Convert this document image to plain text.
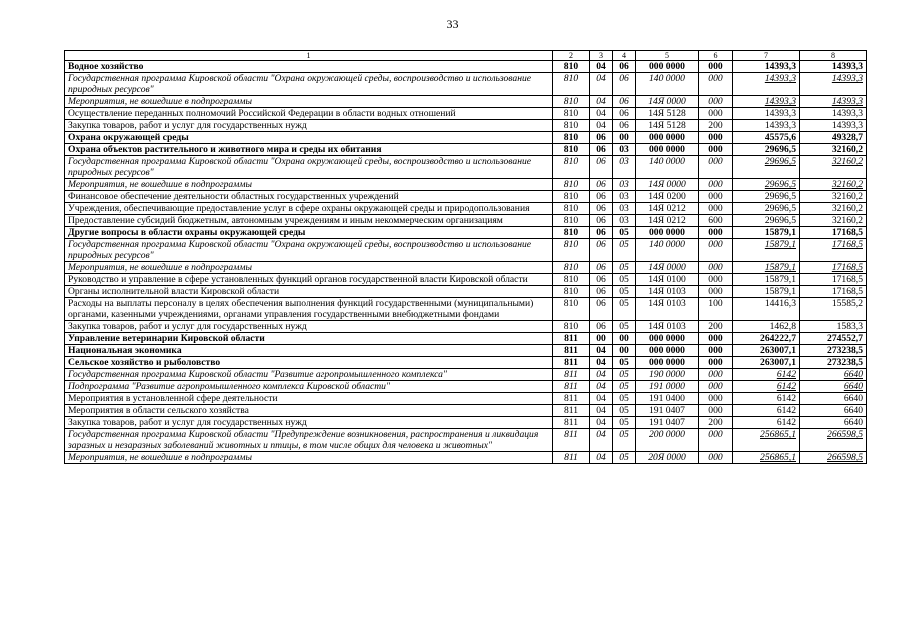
33
1	2	3	4	5	6	7	8
Водное хозяйство	810	04	06	000 0000	000	14393,3	14393,3
Государственная программа Кировской области "Охрана окружающей среды, воспроизводство и использование природных ресурсов"	810	04	06	140 0000	000	14393,3	14393,3
Мероприятия, не вошедшие в подпрограммы	810	04	06	14Я 0000	000	14393,3	14393,3
Осуществление переданных полномочий Российской Федерации в области водных отношений	810	04	06	14Я 5128	000	14393,3	14393,3
Закупка товаров, работ и услуг для государственных нужд	810	04	06	14Я 5128	200	14393,3	14393,3
Охрана окружающей среды	810	06	00	000 0000	000	45575,6	49328,7
Охрана объектов растительного и животного мира и среды их обитания	810	06	03	000 0000	000	29696,5	32160,2
Государственная программа Кировской области "Охрана окружающей среды, воспроизводство и использование природных ресурсов"	810	06	03	140 0000	000	29696,5	32160,2
Мероприятия, не вошедшие в подпрограммы	810	06	03	14Я 0000	000	29696,5	32160,2
Финансовое обеспечение деятельности областных государственных учреждений	810	06	03	14Я 0200	000	29696,5	32160,2
Учреждения, обеспечивающие предоставление услуг в сфере охраны окружающей среды и природопользования	810	06	03	14Я 0212	000	29696,5	32160,2
Предоставление субсидий бюджетным, автономным учреждениям и иным некоммерческим организациям	810	06	03	14Я 0212	600	29696,5	32160,2
Другие вопросы в области охраны окружающей среды	810	06	05	000 0000	000	15879,1	17168,5
Государственная программа Кировской области "Охрана окружающей среды, воспроизводство и использование природных ресурсов"	810	06	05	140 0000	000	15879,1	17168,5
Мероприятия, не вошедшие в подпрограммы	810	06	05	14Я 0000	000	15879,1	17168,5
Руководство и управление в сфере установленных функций органов государственной власти Кировской области	810	06	05	14Я 0100	000	15879,1	17168,5
Органы исполнительной власти Кировской области	810	06	05	14Я 0103	000	15879,1	17168,5
Расходы на выплаты персоналу в целях обеспечения выполнения функций государственными (муниципальными) органами, казенными учреждениями, органами управления государственными внебюджетными фондами	810	06	05	14Я 0103	100	14416,3	15585,2
Закупка товаров, работ и услуг для государственных нужд	810	06	05	14Я 0103	200	1462,8	1583,3
Управление ветеринарии Кировской области	811	00	00	000 0000	000	264222,7	274552,7
Национальная экономика	811	04	00	000 0000	000	263007,1	273238,5
Сельское хозяйство и рыболовство	811	04	05	000 0000	000	263007,1	273238,5
Государственная программа Кировской области "Развитие агропромышленного комплекса"	811	04	05	190 0000	000	6142	6640
Подпрограмма "Развитие агропромышленного комплекса Кировской области"	811	04	05	191 0000	000	6142	6640
Мероприятия в установленной сфере деятельности	811	04	05	191 0400	000	6142	6640
Мероприятия в области сельского хозяйства	811	04	05	191 0407	000	6142	6640
Закупка товаров, работ и услуг для государственных нужд	811	04	05	191 0407	200	6142	6640
Государственная программа Кировской области "Предупреждение возникновения, распространения и ликвидация заразных и незаразных заболеваний животных и птицы, в том числе общих для человека и животных"	811	04	05	200 0000	000	256865,1	266598,5
Мероприятия, не вошедшие в подпрограммы	811	04	05	20Я 0000	000	256865,1	266598,5
